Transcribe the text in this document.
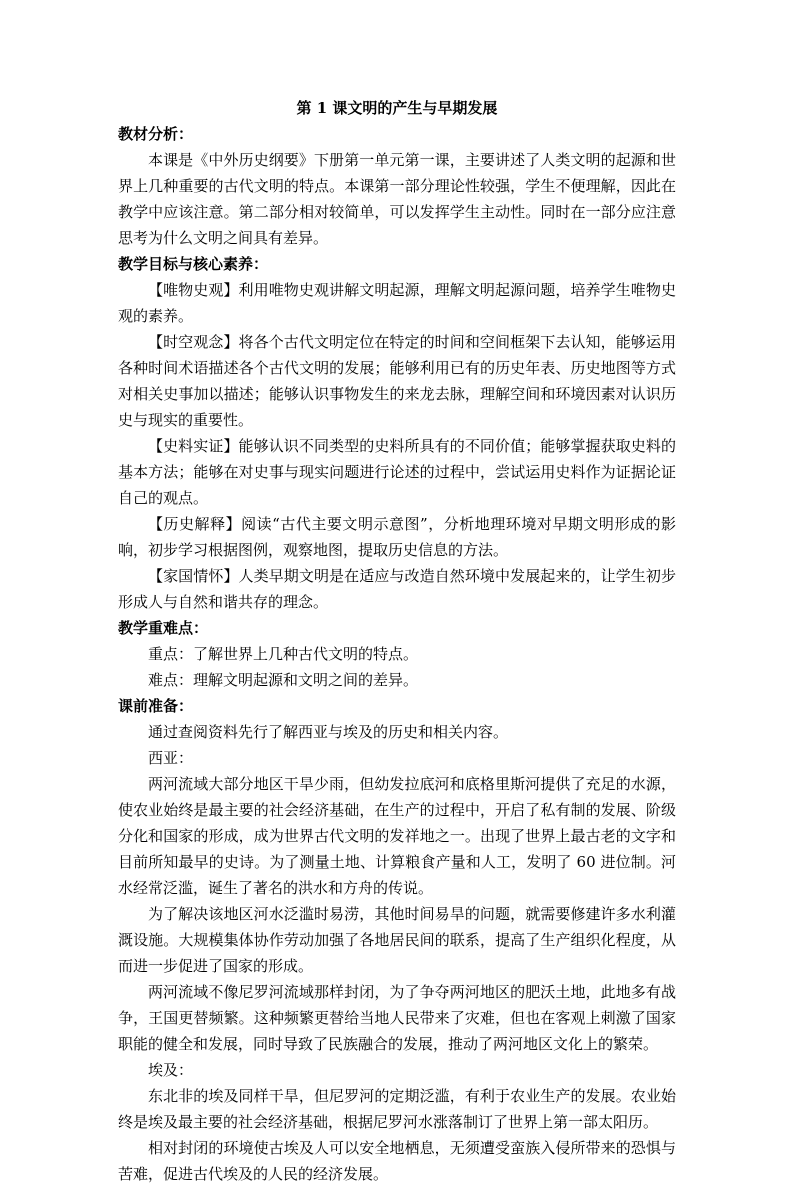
第 1 课文明的产生与早期发展

教材分析：

本课是《中外历史纲要》下册第一单元第一课，主要讲述了人类文明的起源和世界上几种重要的古代文明的特点。本课第一部分理论性较强，学生不便理解，因此在教学中应该注意。第二部分相对较简单，可以发挥学生主动性。同时在一部分应注意思考为什么文明之间具有差异。

教学目标与核心素养：

【唯物史观】利用唯物史观讲解文明起源，理解文明起源问题，培养学生唯物史观的素养。

【时空观念】将各个古代文明定位在特定的时间和空间框架下去认知，能够运用各种时间术语描述各个古代文明的发展；能够利用已有的历史年表、历史地图等方式对相关史事加以描述；能够认识事物发生的来龙去脉，理解空间和环境因素对认识历史与现实的重要性。

【史料实证】能够认识不同类型的史料所具有的不同价值；能够掌握获取史料的基本方法；能够在对史事与现实问题进行论述的过程中，尝试运用史料作为证据论证自己的观点。

【历史解释】阅读“古代主要文明示意图”，分析地理环境对早期文明形成的影响，初步学习根据图例，观察地图，提取历史信息的方法。

【家国情怀】人类早期文明是在适应与改造自然环境中发展起来的，让学生初步形成人与自然和谐共存的理念。

教学重难点：

重点：了解世界上几种古代文明的特点。

难点：理解文明起源和文明之间的差异。

课前准备：

通过查阅资料先行了解西亚与埃及的历史和相关内容。

西亚：

两河流域大部分地区干旱少雨，但幼发拉底河和底格里斯河提供了充足的水源，使农业始终是最主要的社会经济基础，在生产的过程中，开启了私有制的发展、阶级分化和国家的形成，成为世界古代文明的发祥地之一。出现了世界上最古老的文字和目前所知最早的史诗。为了测量土地、计算粮食产量和人工，发明了 60 进位制。河水经常泛滥，诞生了著名的洪水和方舟的传说。

为了解决该地区河水泛滥时易涝，其他时间易旱的问题，就需要修建许多水利灌溉设施。大规模集体协作劳动加强了各地居民间的联系，提高了生产组织化程度，从而进一步促进了国家的形成。

两河流域不像尼罗河流域那样封闭，为了争夺两河地区的肥沃土地，此地多有战争，王国更替频繁。这种频繁更替给当地人民带来了灾难，但也在客观上刺激了国家职能的健全和发展，同时导致了民族融合的发展，推动了两河地区文化上的繁荣。

埃及：

东北非的埃及同样干旱，但尼罗河的定期泛滥，有利于农业生产的发展。农业始终是埃及最主要的社会经济基础，根据尼罗河水涨落制订了世界上第一部太阳历。

相对封闭的环境使古埃及人可以安全地栖息，无须遭受蛮族入侵所带来的恐惧与苦难，促进古代埃及的人民的经济发展。
